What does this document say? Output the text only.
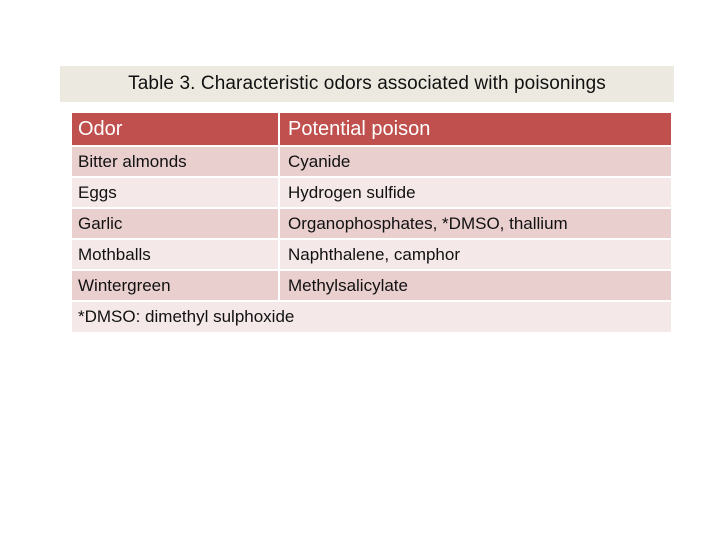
Table 3. Characteristic odors associated with poisonings
Odor	Potential poison
Bitter almonds	Cyanide
Eggs	Hydrogen sulfide
Garlic	Organophosphates, *DMSO, thallium
Mothballs	Naphthalene, camphor
Wintergreen	Methylsalicylate
*DMSO: dimethyl sulphoxide
